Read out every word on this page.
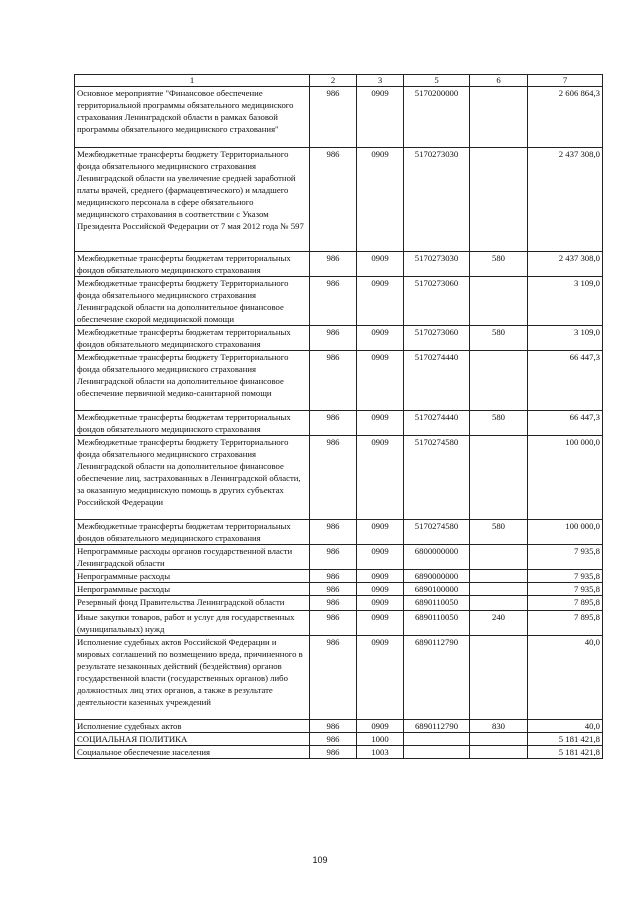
1	2	3	5	6	7
Основное мероприятие "Финансовое обеспечение территориальной программы обязательного медицинского страхования Ленинградской области в рамках базовой программы обязательного медицинского страхования"	986	0909	5170200000		2 606 864,3
Межбюджетные трансферты бюджету Территориального фонда обязательного медицинского страхования Ленинградской области на увеличение средней заработной платы врачей, среднего (фармацевтического) и младшего медицинского персонала в сфере обязательного медицинского страхования в соответствии с Указом Президента Российской Федерации от 7 мая 2012 года № 597	986	0909	5170273030		2 437 308,0
Межбюджетные трансферты бюджетам территориальных фондов обязательного медицинского страхования	986	0909	5170273030	580	2 437 308,0
Межбюджетные трансферты бюджету Территориального фонда обязательного медицинского страхования Ленинградской области на дополнительное финансовое обеспечение скорой медицинской помощи	986	0909	5170273060		3 109,0
Межбюджетные трансферты бюджетам территориальных фондов обязательного медицинского страхования	986	0909	5170273060	580	3 109,0
Межбюджетные трансферты бюджету Территориального фонда обязательного медицинского страхования Ленинградской области на дополнительное финансовое обеспечение первичной медико-санитарной помощи	986	0909	5170274440		66 447,3
Межбюджетные трансферты бюджетам территориальных фондов обязательного медицинского страхования	986	0909	5170274440	580	66 447,3
Межбюджетные трансферты бюджету Территориального фонда обязательного медицинского страхования Ленинградской области на дополнительное финансовое обеспечение лиц, застрахованных в Ленинградской области, за оказанную медицинскую помощь в других субъектах Российской Федерации	986	0909	5170274580		100 000,0
Межбюджетные трансферты бюджетам территориальных фондов обязательного медицинского страхования	986	0909	5170274580	580	100 000,0
Непрограммные расходы органов государственной власти Ленинградской области	986	0909	6800000000		7 935,8
Непрограммные расходы	986	0909	6890000000		7 935,8
Непрограммные расходы	986	0909	6890100000		7 935,8
Резервный фонд Правительства Ленинградской области	986	0909	6890110050		7 895,8
Иные закупки товаров, работ и услуг для государственных (муниципальных) нужд	986	0909	6890110050	240	7 895,8
Исполнение судебных актов Российской Федерации и мировых соглашений по возмещению вреда, причиненного в результате незаконных действий (бездействия) органов государственной власти (государственных органов) либо должностных лиц этих органов, а также в результате деятельности казенных учреждений	986	0909	6890112790		40,0
Исполнение судебных актов	986	0909	6890112790	830	40,0
СОЦИАЛЬНАЯ ПОЛИТИКА	986	1000			5 181 421,8
Социальное обеспечение населения	986	1003			5 181 421,8
109
